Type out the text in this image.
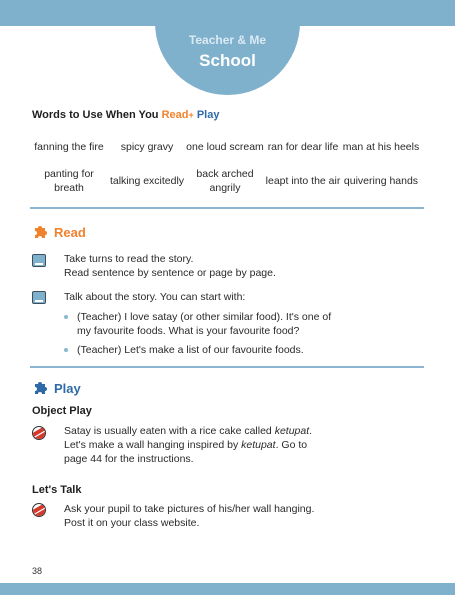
Teacher & Me
School
Words to Use When You Read+ Play
fanning the fire	spicy gravy	one loud scream ran for dear life man at his heels
panting for breath
talking excitedly
back arched angrily
leapt into the air quivering hands
Read
Take turns to read the story.
Read sentence by sentence or page by page.
Talk about the story. You can start with:
(Teacher) I love satay (or other similar food). It's one of
my favourite foods. What is your favourite food?
(Teacher) Let's make a list of our favourite foods.
Play
Object Play
Satay is usually eaten with a rice cake called ketupat.
Let's make a wall hanging inspired by ketupat. Go to
page 44 for the instructions.
Let's Talk
Ask your pupil to take pictures of his/her wall hanging.
Post it on your class website.
38
